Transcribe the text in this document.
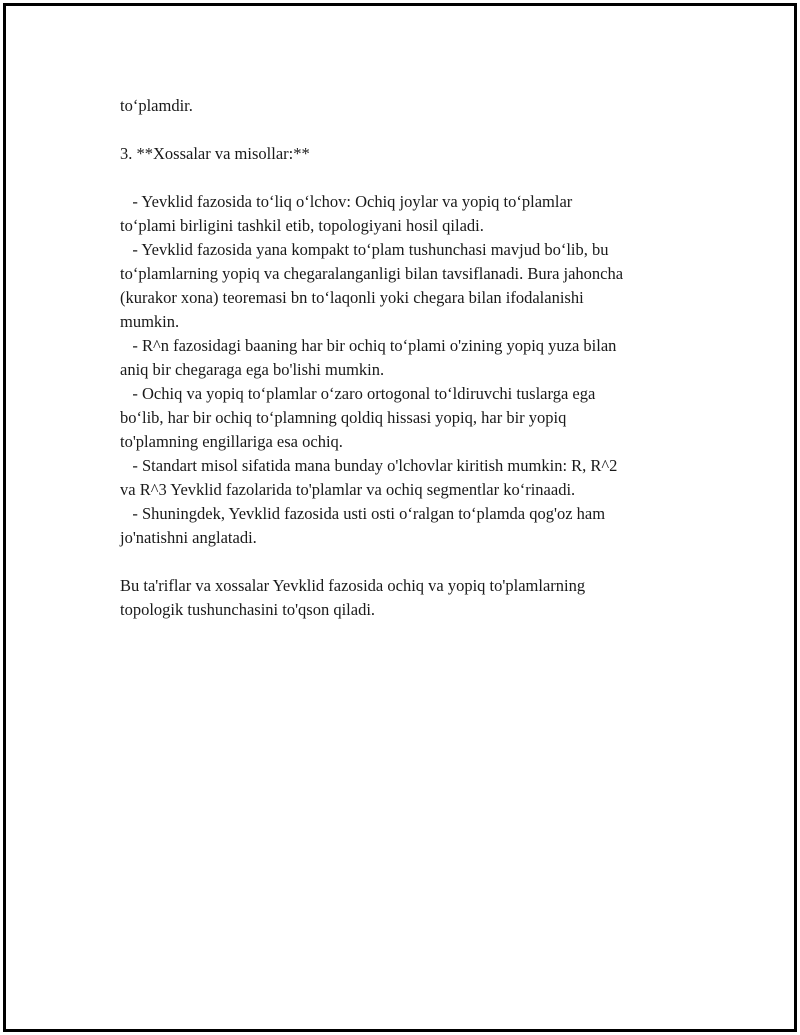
to‘plamdir.
3. **Xossalar va misollar:**
- Yevklid fazosida to‘liq o‘lchov: Ochiq joylar va yopiq to‘plamlar
to‘plami birligini tashkil etib, topologiyani hosil qiladi.
- Yevklid fazosida yana kompakt to‘plam tushunchasi mavjud bo‘lib, bu
to‘plamlarning yopiq va chegaralanganligi bilan tavsiflanadi. Bura jahoncha
(kurakor xona) teoremasi bn to‘laqonli yoki chegara bilan ifodalanishi
mumkin.
- R^n fazosidagi baaning har bir ochiq to‘plami o'zining yopiq yuza bilan
aniq bir chegaraga ega bo'lishi mumkin.
- Ochiq va yopiq to‘plamlar o‘zaro ortogonal to‘ldiruvchi tuslarga ega
bo‘lib, har bir ochiq to‘plamning qoldiq hissasi yopiq, har bir yopiq
to'plamning engillariga esa ochiq.
- Standart misol sifatida mana bunday o'lchovlar kiritish mumkin: R, R^2
va R^3 Yevklid fazolarida to'plamlar va ochiq segmentlar ko‘rinaadi.
- Shuningdek, Yevklid fazosida usti osti o‘ralgan to‘plamda qog'oz ham
jo'natishni anglatadi.
Bu ta'riflar va xossalar Yevklid fazosida ochiq va yopiq to'plamlarning
topologik tushunchasini to'qson qiladi.
